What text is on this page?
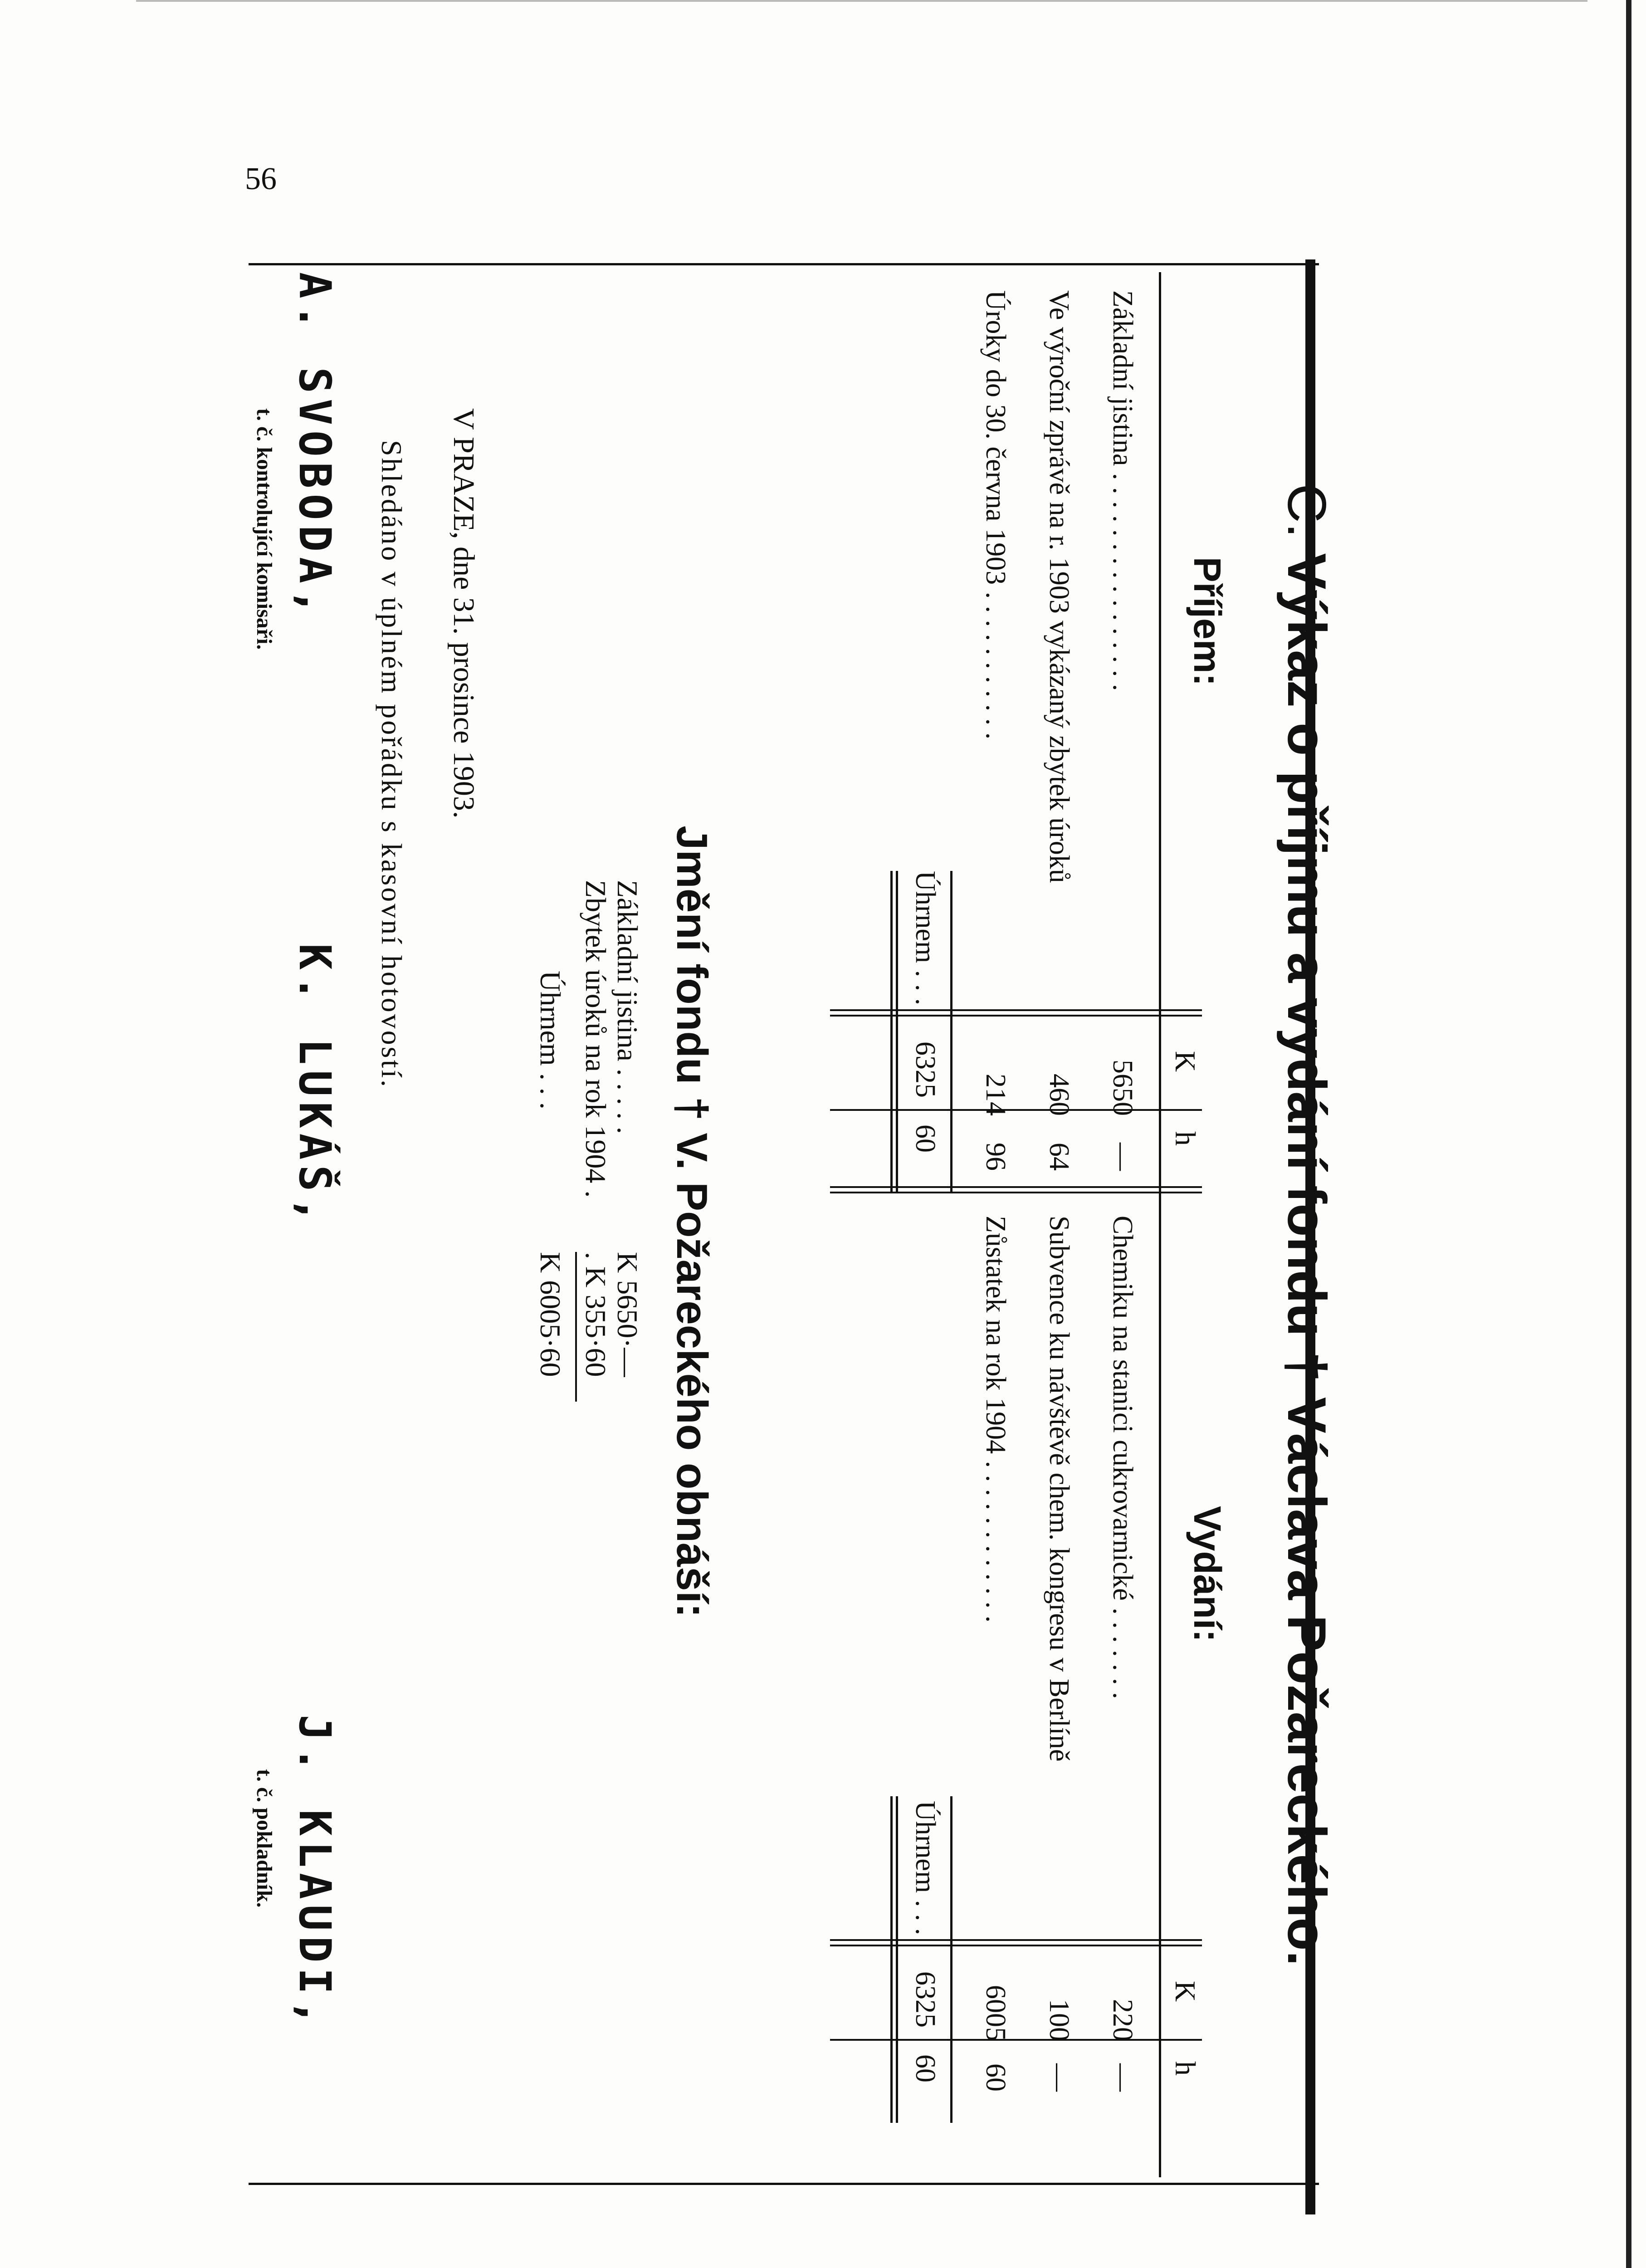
56
C. Výkaz o příjmu a vydání fondu † Václava Požareckého.
Příjem:
K
h
Základní jistina . . . . . . . . . . . . . . . .
5650
—
Ve výroční zprávě na r. 1903 vykázaný zbytek úroků
460
64
Úroky do 30. června 1903 . . . . . . . . . . .
214
96
Úhrnem . . .
6325
60
Vydání:
K
h
Chemiku na stanici cukrovarnické . . . . . . .
220
—
Subvence ku návštěvě chem. kongresu v Berlíně
100
—
Zůstatek na rok 1904 . . . . . . . . . . . .
6005
60
Úhrnem . . .
6325
60
Jmění fondu † V. Požareckého obnáší:
Základní jistina . . . . .
K 5650·—
Zbytek úroků na rok 1904 .
. K 355·60
Úhrnem . . .
K 6005·60
V PRAZE, dne 31. prosince 1903.
Shledáno v úplném pořádku s kasovní hotovostí.
A. SVOBODA,
t. č. kontrolující komisaři.
K. LUKÁŠ,
J. KLAUDI,
t. č. pokladník.
